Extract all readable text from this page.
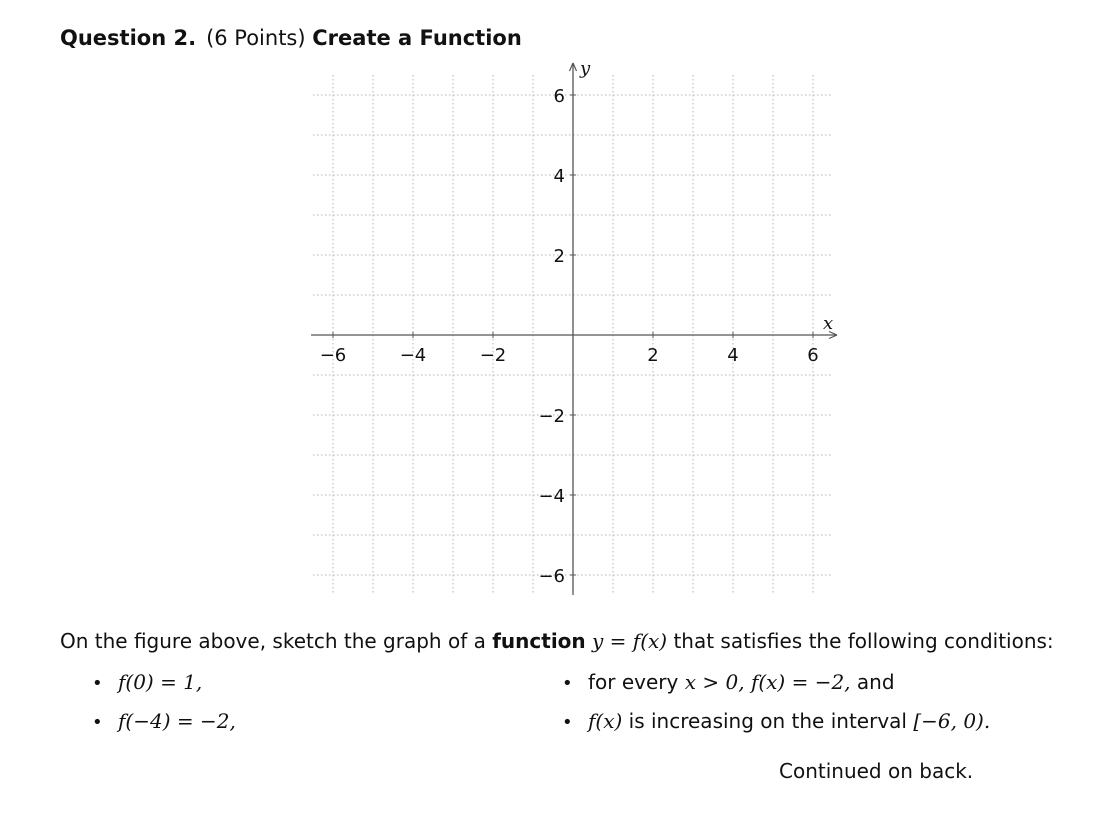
Question 2. (6 Points) Create a Function
x
y
−6	−4	−2	2	4	6
6
4
2
−2
−4
−6
On the figure above, sketch the graph of a function y = f(x) that satisfies the following conditions:
• f(0) = 1,
• f(−4) = −2,
• for every x > 0, f(x) = −2, and
• f(x) is increasing on the interval [−6, 0).
Continued on back.
